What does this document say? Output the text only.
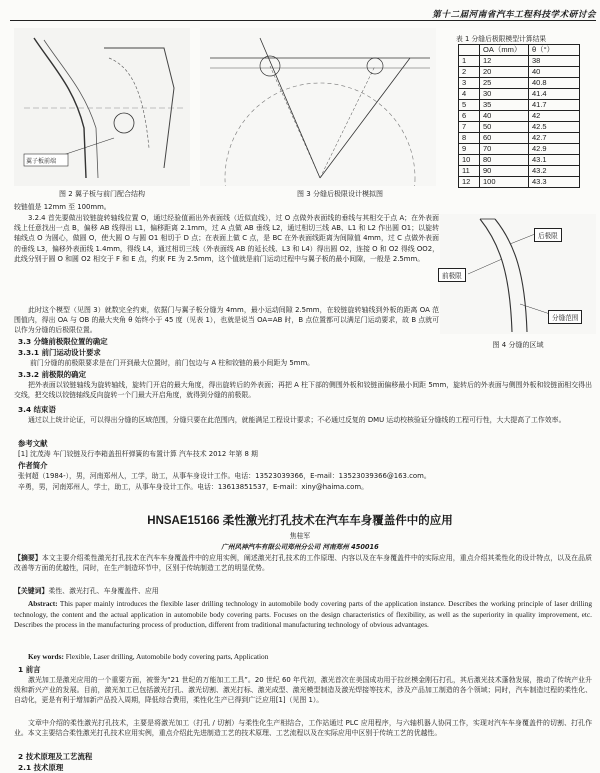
第十二届河南省汽车工程科技学术研讨会
翼子板前端
图 2 翼子板与前门配合结构	图 3 分缝后极限设计模拟图
表 1 分缝后极限模型计算结果
	OA（mm）	θ（°）
1	12	38
2	20	40
3	25	40.8
4	30	41.4
5	35	41.7
6	40	42
7	50	42.5
8	60	42.7
9	70	42.9
10	80	43.1
11	90	43.2
12	100	43.3
后极限
前极限
分缝范围
图 4 分缝的区域
较链值是 12mm 至 100mm。
3.2.4 首先要做出铰链旋转轴线位置 O，通过经验值画出外表面线（近似直线），过 O 点做外表面线的垂线与其相交于点 A；在外表面线上任意找出一点 B，偏移 AB 线得出 L1，偏移距离 2.1mm，过 A 点做 AB 垂线 L2，通过相切三线 AB、L1 和 L2 作出圆 O1；以旋转轴线点 O 为圆心，做圆 O，使大圆 O 与圆 O1 相切于 D 点；在表面上做 C 点，是 BC 在外表面线距离为间隙值 4mm，过 C 点做外表面的垂线 L3，偏移外表面线 1.4mm，得线 L4，通过相切三线（外表面线 AB 的延长线、L3 和 L4）得出圆 O2，连接 O 和 O2 得线 OO2，此线分别于圆 O 和圆 O2 相交于 F 和 E 点，约束 FE 为 2.5mm，这个值就是前门运动过程中与翼子板的最小间隙，一般是 2.5mm。
此时这个模型（见图 3）就数完全约束，依据门与翼子板分缝为 4mm，最小运动间隙 2.5mm，在较链旋转轴线到外板的距离 OA 范围值内，得出 OA 与 OB 的最大夹角 θ 始终小于 45 度（见表 1），也就是说当 OA=AB 时，B 点位置都可以满足门运动要求，故 B 点就可以作为分缝的后极限位置。
3.3 分缝前极限位置的确定
3.3.1 前门运动设计要求
前门分缝的前极限要求是在门开到最大位置时，前门包边与 A 柱和铰链的最小间距为 5mm。
3.3.2 前极限的确定
把外表面以铰链轴线为旋转轴线，旋转门开启的最大角度，得出旋转后的外表面；再把 A 柱下部的侧围外板和铰链面偏移最小间距 5mm，旋转后的外表面与侧围外板和铰链面相交得出交线，把交线以铰链轴线反向旋转一个门最大开启角度，就得到分缝的前极限。
3.4 结束语
通过以上统计论证，可以得出分缝的区域范围，分缝只要在此范围内，就能满足工程设计要求；不必通过反复的 DMU 运动校核验证分缝线的工程可行性，大大提高了工作效率。
参考文献
[1] 沈茂涛 车门铰链及行李箱盖扭杆弹簧的布置计算 汽车技术 2012 年第 8 期
作者简介
张何超（1984-），男，河南郑州人，工学，助工，从事车身设计工作。电话：13523039366，E-mail：13523039366@163.com。
辛勇，男，河南郑州人，学士，助工，从事车身设计工作。电话：13613851537，E-mail：xiny@haima.com。
HNSAE15166 柔性激光打孔技术在汽车车身覆盖件中的应用
焦桂军
广州风神汽车有限公司郑州分公司 河南郑州 450016
【摘要】本文主要介绍柔性激光打孔技术在汽车车身覆盖件中的应用实例，阐述激光打孔技术的工作原理、内容以及在车身覆盖件中的实际应用，重点介绍其柔性化的设计特点，以及在品质改善等方面的优越性，同时，在生产制造环节中，区别于传统制造工艺的明显优势。
【关键词】柔性、激光打孔、车身覆盖件、应用
Abstract: This paper mainly introduces the flexible laser drilling technology in automobile body covering parts of the application instance. Describes the working principle of laser drilling technology, the content and the actual application in automobile body covering parts. Focuses on the design characteristics of flexibility, as well as the superiority in quality improvement, etc. Describes the process in the manufacturing process of production, different from traditional manufacturing technology of obvious advantages.
Key words: Flexible, Laser drilling, Automobile body covering parts, Application
1 前言
激光加工是激光应用的一个重要方面，被誉为“21 世纪的万能加工工具”。20 世纪 60 年代初，激光首次在美国成功用于拉丝模金刚石打孔，其后激光技术蓬勃发展，推动了传统产业升级和新兴产业的发展。目前，激光加工已包括激光打孔、激光切割、激光打标、激光成型、激光模型制造及激光焊接等技术，涉及产品加工制造的各个领域；同时，汽车制造过程的柔性化、自动化，更是有利于增加新产品投入周期，降低综合费用，柔性化生产已得到广泛应用[1]（见图 1）。
文章中介绍的柔性激光打孔技术，主要是将激光加工（打孔 / 切割）与柔性化生产相结合，工作站通过 PLC 应用程序，与六轴机器人协同工作，实现对汽车车身覆盖件的切割、打孔作业。本文主要结合柔性激光打孔技术应用实例，重点介绍此先进制造工艺的技术原理、工艺流程以及在实际应用中区别于传统工艺的优越性。
2 技术原理及工艺流程
2.1 技术原理
